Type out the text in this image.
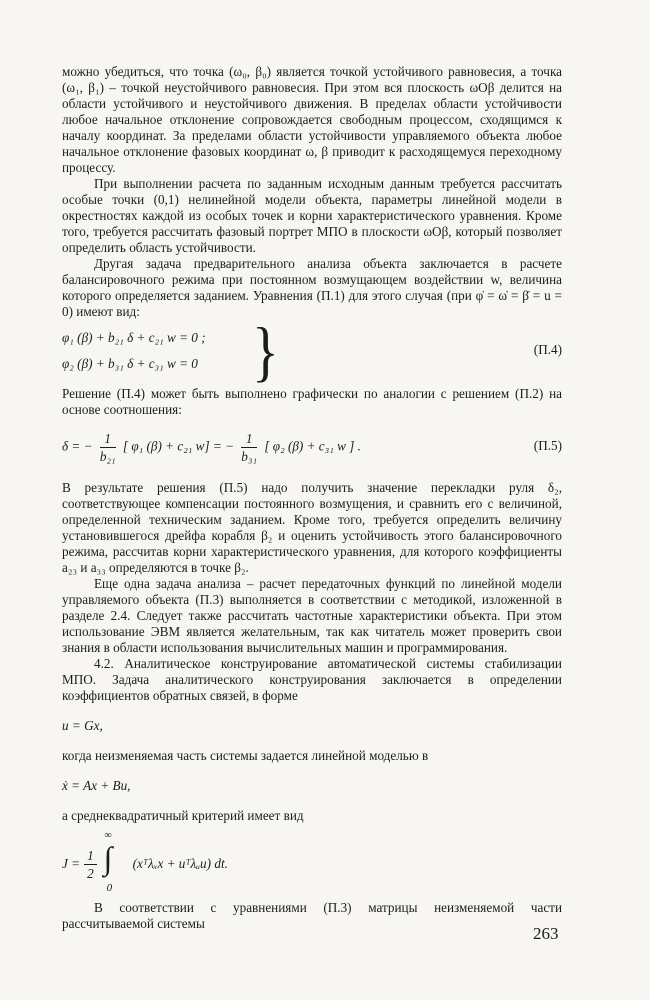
можно убедиться, что точка (ω₀, β₀) является точкой устойчивого равновесия, а точка (ω₁, β₁) – точкой неустойчивого равновесия. При этом вся плоскость ωOβ делится на области устойчивого и неустойчивого движения. В пределах области устойчивости любое начальное отклонение сопровождается свободным процессом, сходящимся к началу координат. За пределами области устойчивости управляемого объекта любое начальное отклонение фазовых координат ω, β приводит к расходящемуся переходному процессу.

При выполнении расчета по заданным исходным данным требуется рассчитать особые точки (0,1) нелинейной модели объекта, параметры линейной модели в окрестностях каждой из особых точек и корни характеристического уравнения. Кроме того, требуется рассчитать фазовый портрет МПО в плоскости ωOβ, который позволяет определить область устойчивости.

Другая задача предварительного анализа объекта заключается в расчете балансировочного режима при постоянном возмущающем воздействии w, величина которого определяется заданием. Уравнения (П.1) для этого случая (при φ̇ = ω̇ = β̇ = u = 0) имеют вид:

φ₁ (β) + b₂₁ δ + c₂₁ w = 0 ;
φ₂ (β) + b₃₁ δ + c₃₁ w = 0 }	(П.4)

Решение (П.4) может быть выполнено графически по аналогии с решением (П.2) на основе соотношения:

δ = − $\frac{1}{\text{b₂₁}}$ [ φ₁ (β) + c₂₁ w] = − $\frac{1}{\text{b₃₁}}$ [ φ₂ (β) + c₃₁ w ] .	(П.5)

В результате решения (П.5) надо получить значение перекладки руля δ₂, соответствующее компенсации постоянного возмущения, и сравнить его с величиной, определенной техническим заданием. Кроме того, требуется определить величину установившегося дрейфа корабля β₂ и оценить устойчивость этого балансировочного режима, рассчитав корни характеристического уравнения, для которого коэффициенты a₂₃ и a₃₃ определяются в точке β₂.

Еще одна задача анализа – расчет передаточных функций по линейной модели управляемого объекта (П.3) выполняется в соответствии с методикой, изложенной в разделе 2.4. Следует также рассчитать частотные характеристики объекта. При этом использование ЭВМ является желательным, так как читатель может проверить свои знания в области использования вычислительных машин и программирования.

4.2. Аналитическое конструирование автоматической системы стабилизации МПО. Задача аналитического конструирования заключается в определении коэффициентов обратных связей, в форме

u = Gx,

когда неизменяемая часть системы задается линейной моделью в

ẋ = Ax + Bu,

а среднеквадратичный критерий имеет вид

$J = \frac{1}{2}$
∞
∫
0
(xᵀλₓx + uᵀλᵤu) dt.

В соответствии с уравнениями (П.3) матрицы неизменяемой части рассчитываемой системы

263
